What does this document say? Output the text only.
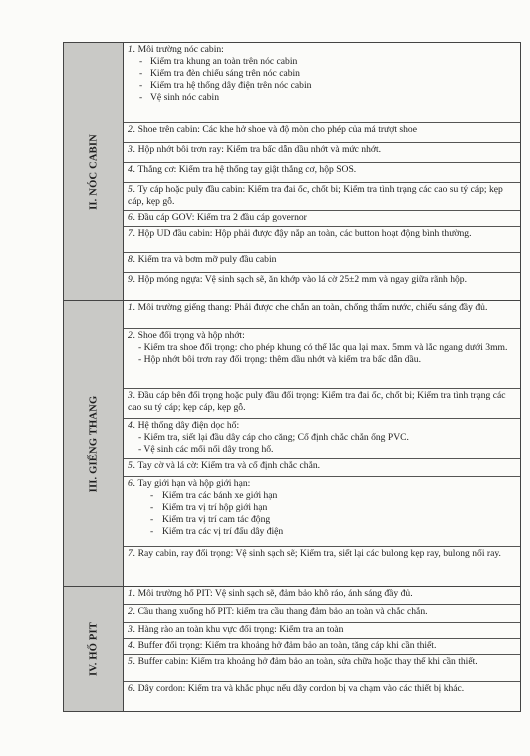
II. NÓC CABIN
1. Môi trường nóc cabin:
- Kiểm tra khung an toàn trên nóc cabin
- Kiểm tra đèn chiếu sáng trên nóc cabin
- Kiểm tra hệ thống dây điện trên nóc cabin
- Vệ sinh nóc cabin
2. Shoe trên cabin: Các khe hở shoe và độ mòn cho phép của má trượt shoe
3. Hộp nhớt bôi trơn ray: Kiểm tra bấc dẫn dầu nhớt và mức nhớt.
4. Thắng cơ: Kiểm tra hệ thống tay giật thắng cơ, hộp SOS.
5. Ty cáp hoặc puly đầu cabin: Kiểm tra đai ốc, chốt bi; Kiểm tra tình trạng các cao su tý cáp; kẹp cáp, kẹp gỗ.
6. Đầu cáp GOV: Kiểm tra 2 đầu cáp governor
7. Hộp UD đầu cabin: Hộp phải được đậy nắp an toàn, các button hoạt động bình thường.
8. Kiểm tra và bơm mỡ puly đầu cabin
9. Hộp móng ngựa: Vệ sinh sạch sẽ, ăn khớp vào lá cờ 25±2 mm và ngay giữa rãnh hộp.
III. GIẾNG THANG
1. Môi trường giếng thang: Phải được che chắn an toàn, chống thấm nước, chiếu sáng đầy đủ.
2. Shoe đối trọng và hộp nhớt:
- Kiểm tra shoe đối trọng: cho phép khung có thể lắc qua lại max. 5mm và lắc ngang dưới 3mm.
- Hộp nhớt bôi trơn ray đối trọng: thêm dầu nhớt và kiểm tra bấc dẫn dầu.
3. Đầu cáp bên đối trọng hoặc puly đầu đối trọng: Kiểm tra đai ốc, chốt bi; Kiểm tra tình trạng các cao su tý cáp; kẹp cáp, kẹp gỗ.
4. Hệ thống dây điện dọc hố:
- Kiểm tra, siết lại đầu dây cáp cho căng; Cố định chắc chắn ống PVC.
- Vệ sinh các mối nối dây trong hố.
5. Tay cờ và lá cờ: Kiểm tra và cố định chắc chắn.
6. Tay giới hạn và hộp giới hạn:
- Kiểm tra các bánh xe giới hạn
- Kiểm tra vị trí hộp giới hạn
- Kiểm tra vị trí cam tác động
- Kiểm tra các vị trí đấu dây điện
7. Ray cabin, ray đối trọng: Vệ sinh sạch sẽ; Kiểm tra, siết lại các bulong kẹp ray, bulong nối ray.
IV. HỐ PIT
1. Môi trường hố PIT: Vệ sinh sạch sẽ, đảm bảo khô ráo, ánh sáng đầy đủ.
2. Cầu thang xuống hố PIT: kiểm tra cầu thang đảm bảo an toàn và chắc chắn.
3. Hàng rào an toàn khu vực đối trọng: Kiểm tra an toàn
4. Buffer đối trọng: Kiểm tra khoảng hở đảm bảo an toàn, tăng cáp khi cần thiết.
5. Buffer cabin: Kiểm tra khoảng hở đảm bảo an toàn, sửa chữa hoặc thay thế khi cần thiết.
6. Dây cordon: Kiểm tra và khắc phục nếu dây cordon bị va chạm vào các thiết bị khác.
